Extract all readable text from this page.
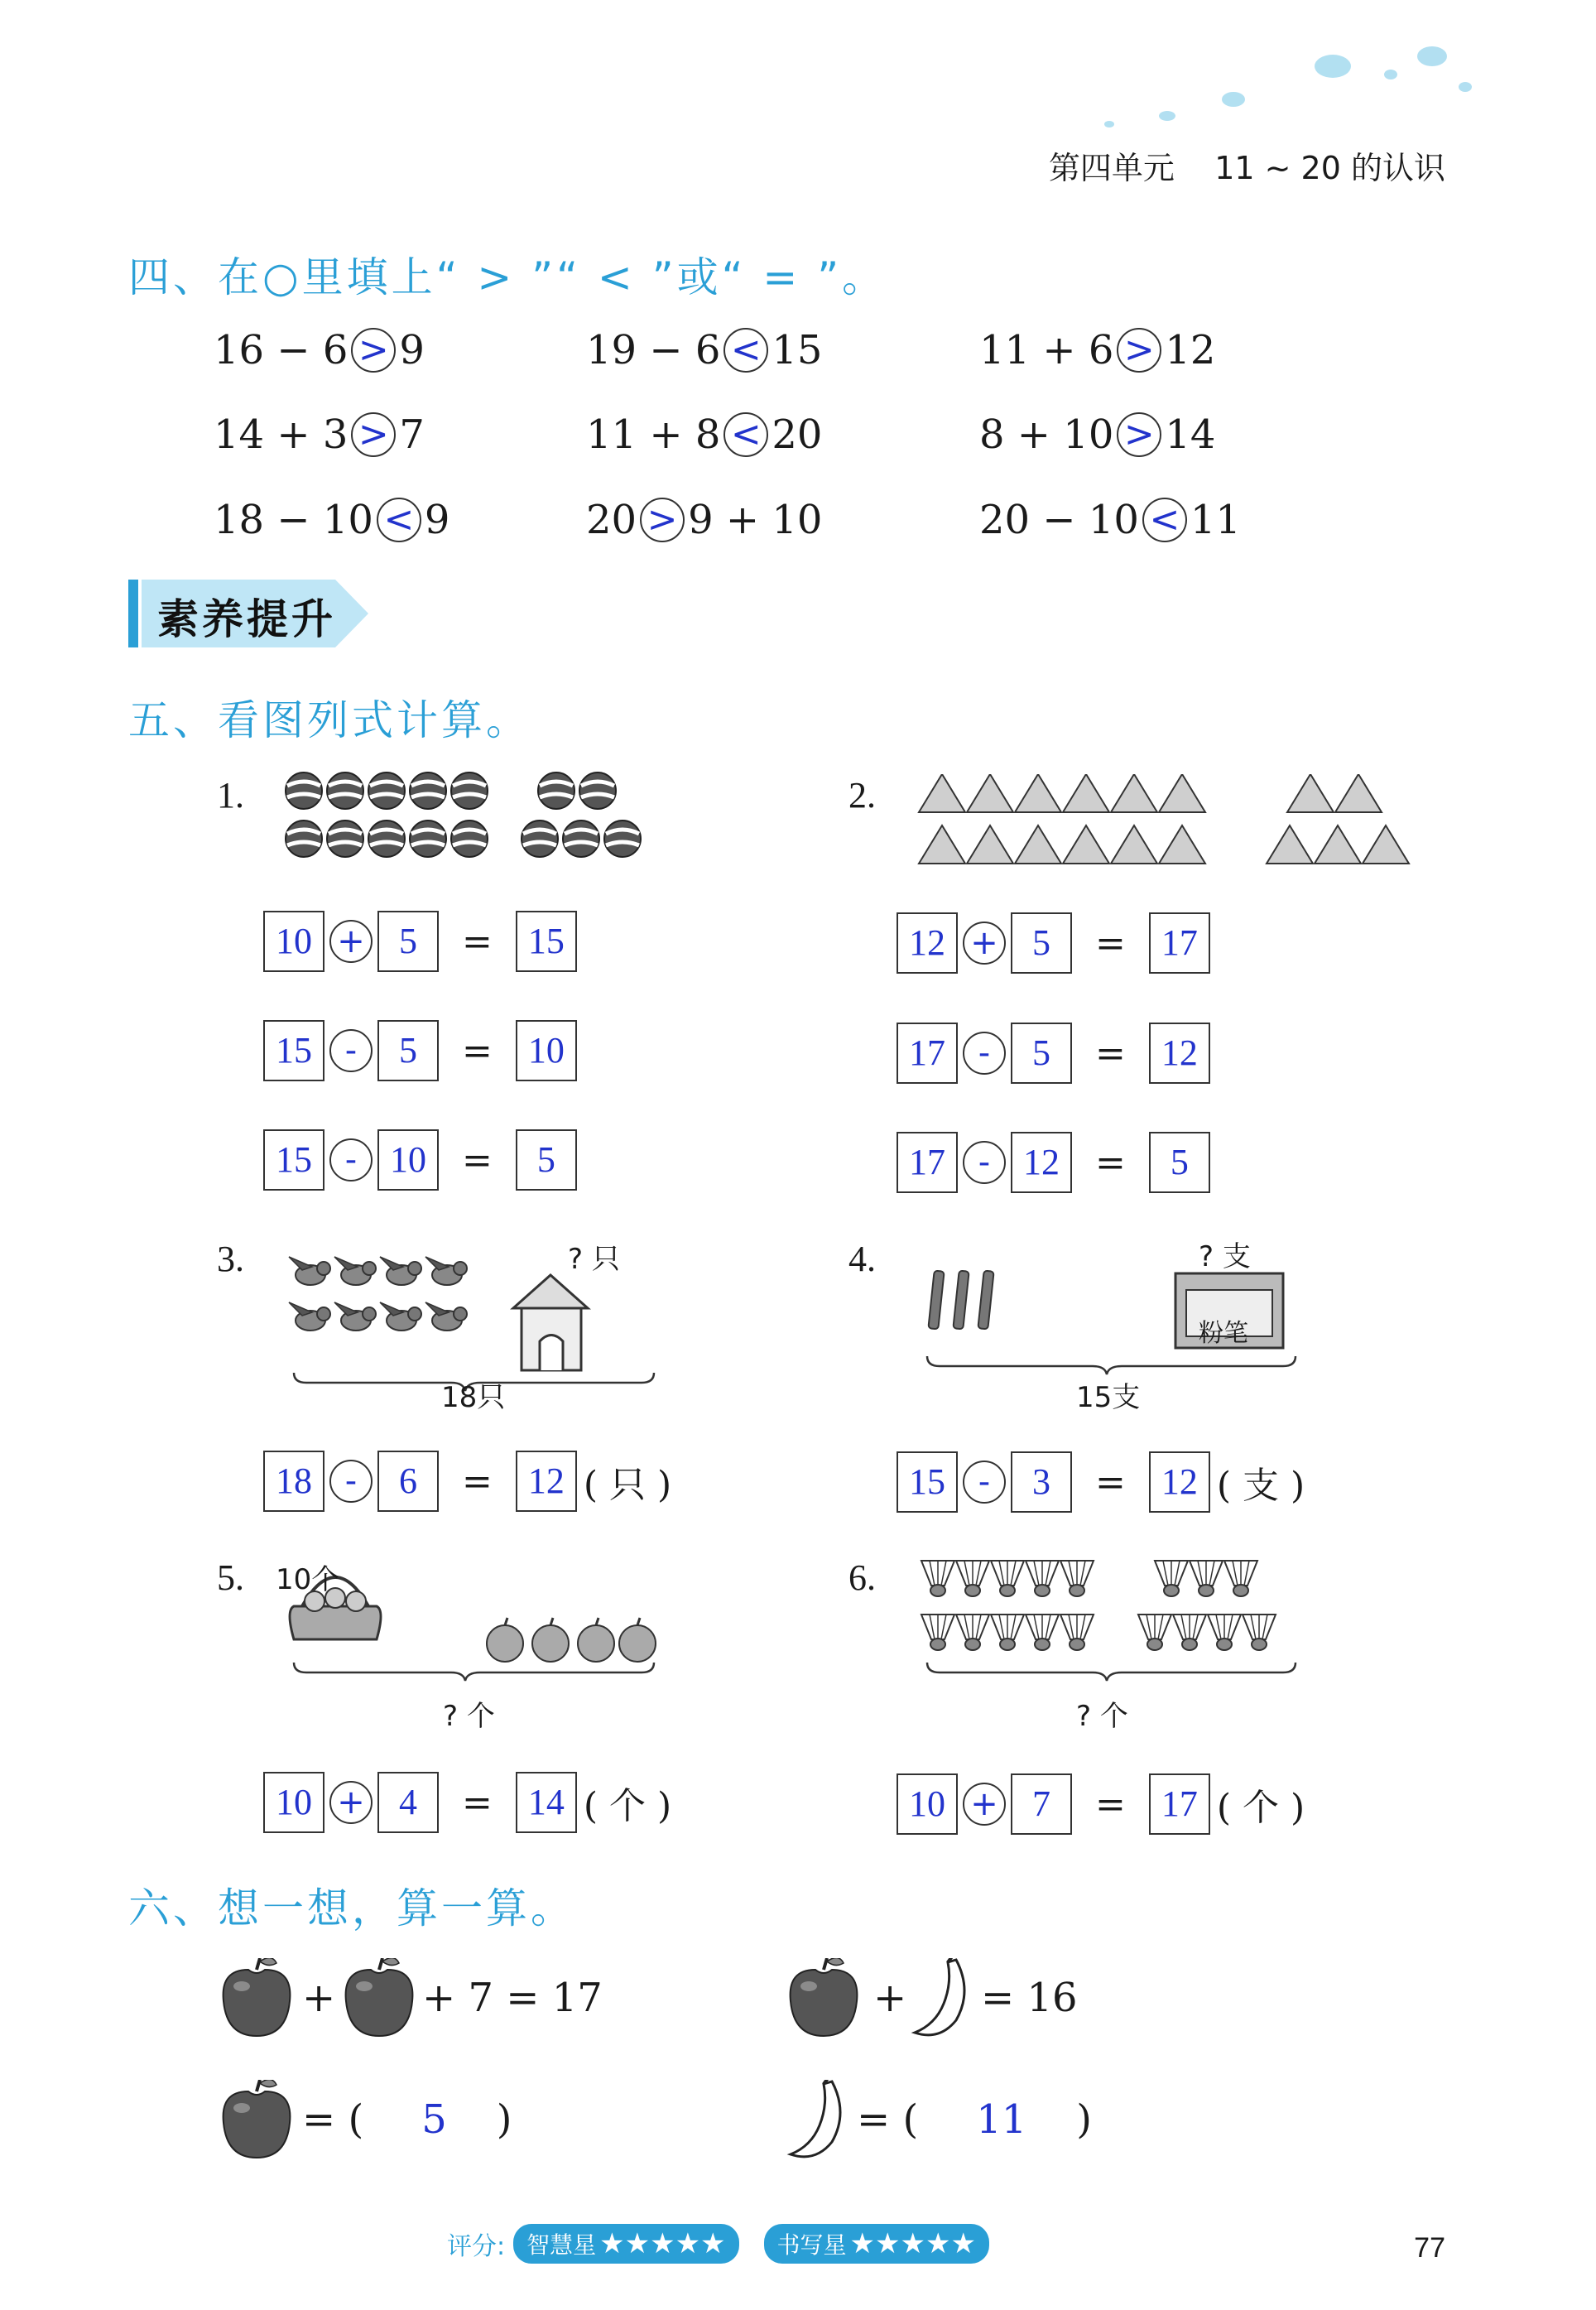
第四单元 11 ~ 20 的认识
四、在○里填上“ > ”“ < ”或“ = ”。
16 − 6 > 9	19 − 6 < 15	11 + 6 > 12
14 + 3 > 7	11 + 8 < 20	8 + 10 > 14
18 − 10 < 9	20 > 9 + 10	20 − 10 < 11
素养提升
五、看图列式计算。
1.	2.
3.	4.
5.	6.
? 只
18只
粉笔
? 支
15支
10个
? 个	? 个
10 + 5	= 15
15 -	5	= 10
15 - 10 =	5
12 + 5	= 17
17 -	5	= 12
17 - 12 =	5
18 -	6	= 12 ( 只 )	15 -	3	= 12 ( 支 )
10 + 4	= 14 ( 个 )	10 + 7	= 17 ( 个 )
六、想一想，算一算。
+ + 7 = 17	+ = 16
= ( 5 )	= ( 11 )
评分: 智慧星 ★★★★★ 书写星 ★★★★★	77
